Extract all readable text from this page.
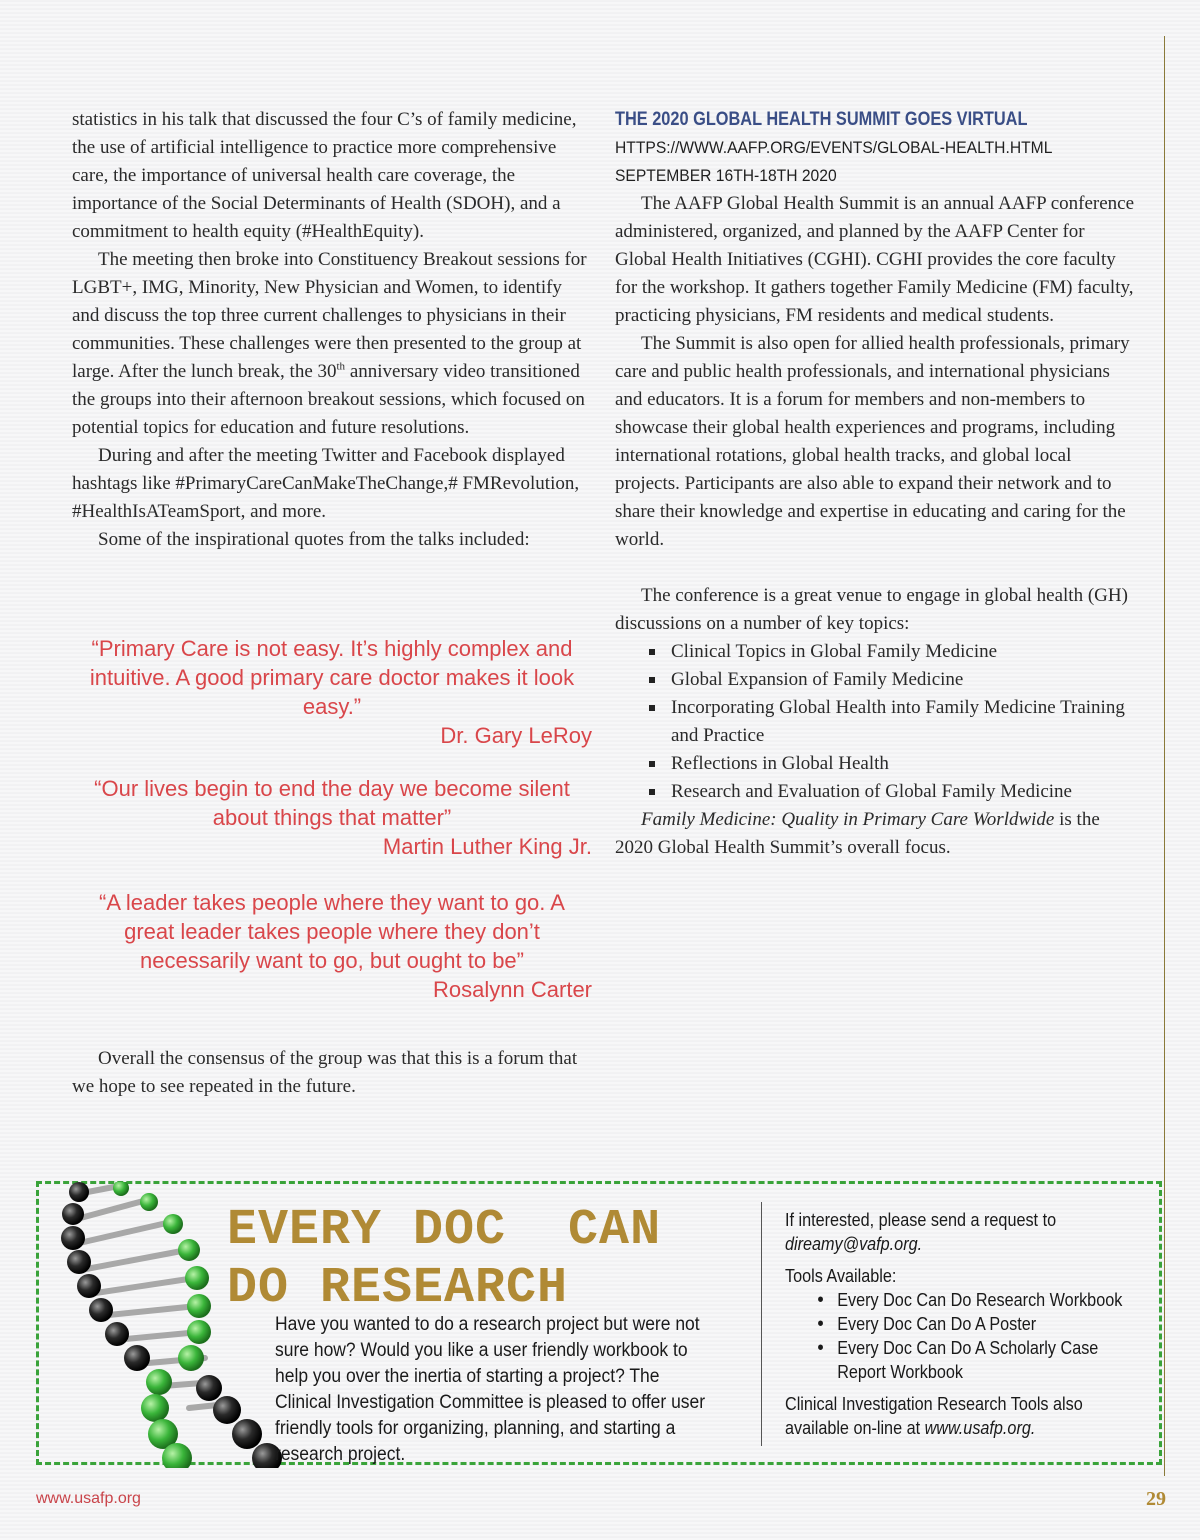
statistics in his talk that discussed the four C’s of family medicine, the use of artificial intelligence to practice more comprehensive care, the importance of universal health care coverage, the importance of the Social Determinants of Health (SDOH), and a commitment to health equity (#HealthEquity).

The meeting then broke into Constituency Breakout sessions for LGBT+, IMG, Minority, New Physician and Women, to identify and discuss the top three current challenges to physicians in their communities. These challenges were then presented to the group at large. After the lunch break, the 30th anniversary video transitioned the groups into their afternoon breakout sessions, which focused on potential topics for education and future resolutions.

During and after the meeting Twitter and Facebook displayed hashtags like #PrimaryCareCanMakeTheChange,# FMRevolution, #HealthIsATeamSport, and more.

Some of the inspirational quotes from the talks included:

“Primary Care is not easy. It’s highly complex and intuitive. A good primary care doctor makes it look easy.”
Dr. Gary LeRoy
“Our lives begin to end the day we become silent about things that matter”
Martin Luther King Jr.
“A leader takes people where they want to go. A great leader takes people where they don’t necessarily want to go, but ought to be”
Rosalynn Carter

Overall the consensus of the group was that this is a forum that we hope to see repeated in the future.

THE 2020 GLOBAL HEALTH SUMMIT GOES VIRTUAL

HTTPS://WWW.AAFP.ORG/EVENTS/GLOBAL-HEALTH.HTML

SEPTEMBER 16TH-18TH 2020

The AAFP Global Health Summit is an annual AAFP conference administered, organized, and planned by the AAFP Center for Global Health Initiatives (CGHI). CGHI provides the core faculty for the workshop. It gathers together Family Medicine (FM) faculty, practicing physicians, FM residents and medical students.

The Summit is also open for allied health professionals, primary care and public health professionals, and international physicians and educators. It is a forum for members and non-members to showcase their global health experiences and programs, including international rotations, global health tracks, and global local projects. Participants are also able to expand their network and to share their knowledge and expertise in educating and caring for the world.

The conference is a great venue to engage in global health (GH) discussions on a number of key topics:

Clinical Topics in Global Family Medicine
Global Expansion of Family Medicine
Incorporating Global Health into Family Medicine Training and Practice
Reflections in Global Health
Research and Evaluation of Global Family Medicine

Family Medicine: Quality in Primary Care Worldwide is the 2020 Global Health Summit’s overall focus.

EVERY DOC  CAN
DO RESEARCH

Have you wanted to do a research project but were not sure how? Would you like a user friendly workbook to help you over the inertia of starting a project? The Clinical Investigation Committee is pleased to offer user friendly tools for organizing, planning, and starting a research project.

If interested, please send a request to

direamy@vafp.org.

Tools Available:

• Every Doc Can Do Research Workbook
• Every Doc Can Do A Poster
• Every Doc Can Do A Scholarly Case Report Workbook

Clinical Investigation Research Tools also available on-line at www.usafp.org.

www.usafp.org	29
